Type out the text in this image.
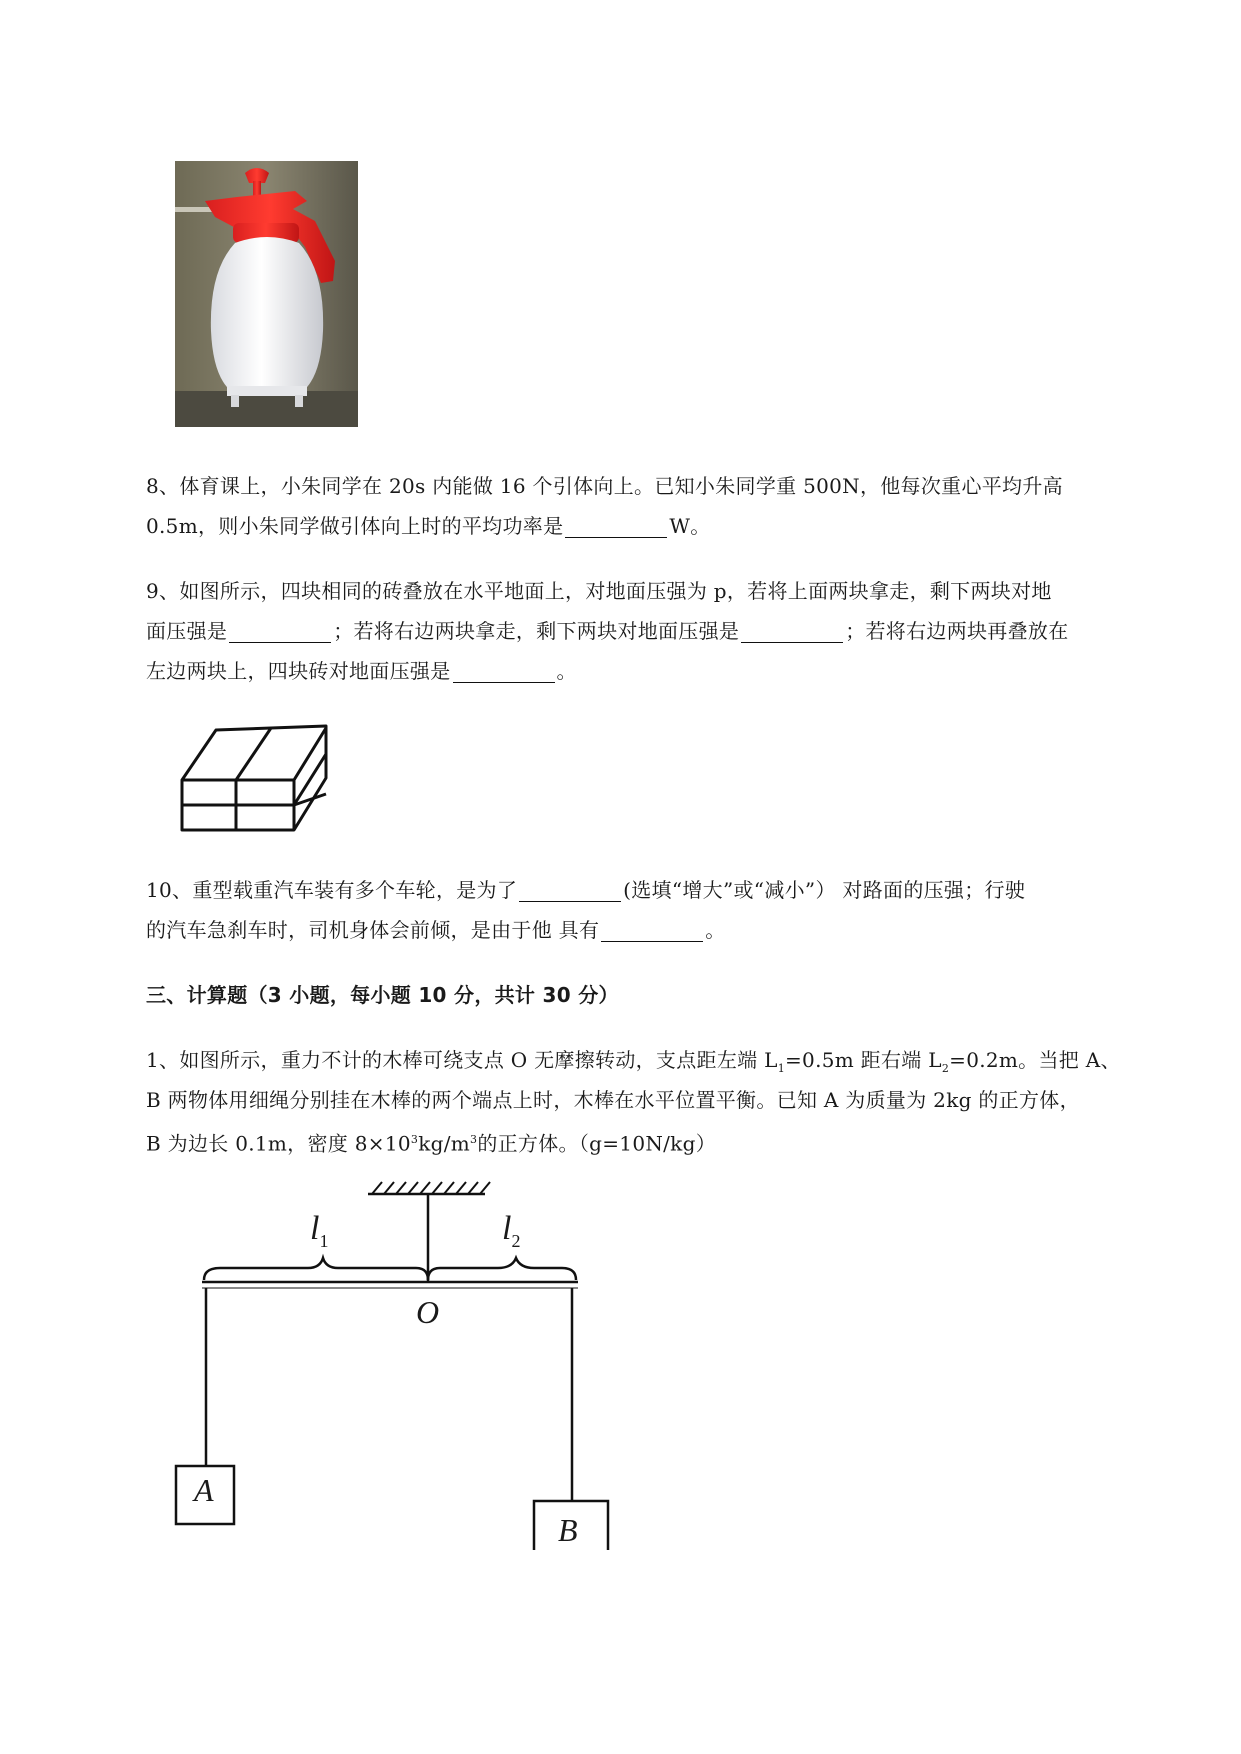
8、体育课上，小朱同学在 20s 内能做 16 个引体向上。已知小朱同学重 500N，他每次重心平均升高
0.5m，则小朱同学做引体向上时的平均功率是	W。
9、如图所示，四块相同的砖叠放在水平地面上，对地面压强为 p，若将上面两块拿走，剩下两块对地
面压强是	；若将右边两块拿走，剩下两块对地面压强是	；若将右边两块再叠放在
左边两块上，四块砖对地面压强是	。
10、重型载重汽车装有多个车轮，是为了	(选填“增大”或“减小”） 对路面的压强；行驶
的汽车急刹车时，司机身体会前倾，是由于他 具有	。
三、计算题（3 小题，每小题 10 分，共计 30 分）
1、如图所示，重力不计的木棒可绕支点 O 无摩擦转动，支点距左端 $L_1=0.5m$ 距右端 $L_2=0.2m$。当把 A、
B 两物体用细绳分别挂在木棒的两个端点上时，木棒在水平位置平衡。已知 A 为质量为 2kg 的正方体，
B 为边长 0.1m，密度 $8\times 10^3kg/m^3$的正方体。（g=10N/kg）
$l_1$	$l_2$
O
A
B
